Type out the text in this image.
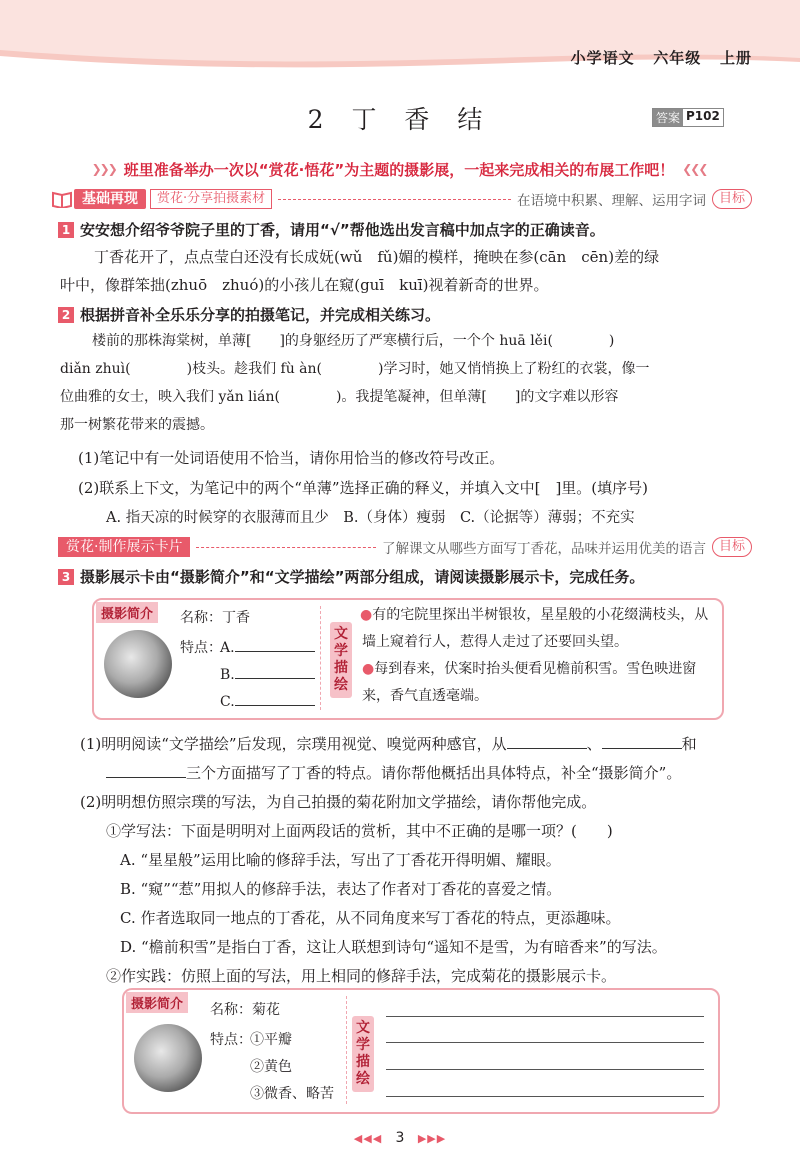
小学语文 六年级 上册
2 丁 香 结	答案 P102
❯❯❯ 班里准备举办一次以“赏花·悟花”为主题的摄影展，一起来完成相关的布展工作吧！ ❮❮❮
基础再现	赏花·分享拍摄素材	在语境中积累、理解、运用字词	目标
1 安安想介绍爷爷院子里的丁香，请用“√”帮他选出发言稿中加点字的正确读音。
丁香花开了，点点莹白还没有长成妩(wǔ　fǔ)媚的模样，掩映在参(cān　cēn)差的绿
叶中，像群笨拙(zhuō　zhuó)的小孩儿在窥(guī　kuī)视着新奇的世界。
2 根据拼音补全乐乐分享的拍摄笔记，并完成相关练习。
楼前的那株海棠树，单薄[　　]的身躯经历了严寒横行后，一个个 huā lěi(　　　　)
diǎn zhuì(　　　　)枝头。趁我们 fù àn(　　　　)学习时，她又悄悄换上了粉红的衣裳，像一
位曲雅的女士，映入我们 yǎn lián(　　　　)。我提笔凝神，但单薄[　　]的文字难以形容
那一树繁花带来的震撼。
(1)笔记中有一处词语使用不恰当，请你用恰当的修改符号改正。
(2)联系上下文，为笔记中的两个“单薄”选择正确的释义，并填入文中[　]里。(填序号)
A. 指天凉的时候穿的衣服薄而且少　B.（身体）瘦弱　C.（论据等）薄弱；不充实
赏花·制作展示卡片	了解课文从哪些方面写丁香花，品味并运用优美的语言	目标
3 摄影展示卡由“摄影简介”和“文学描绘”两部分组成，请阅读摄影展示卡，完成任务。
摄影简介	名称：丁香
特点：
A.
B.
C.
文学描绘
●有的宅院里探出半树银妆，星星般的小花缀满枝头，从墙上窥着行人，惹得人走过了还要回头望。
●每到春来，伏案时抬头便看见檐前积雪。雪色映进窗来，香气直透毫端。
(1)明明阅读“文学描绘”后发现，宗璞用视觉、嗅觉两种感官，从	、	和
三个方面描写了丁香的特点。请你帮他概括出具体特点，补全“摄影简介”。
(2)明明想仿照宗璞的写法，为自己拍摄的菊花附加文学描绘，请你帮他完成。
①学写法：下面是明明对上面两段话的赏析，其中不正确的是哪一项？(　　)
A. “星星般”运用比喻的修辞手法，写出了丁香花开得明媚、耀眼。
B. “窥”“惹”用拟人的修辞手法，表达了作者对丁香花的喜爱之情。
C. 作者选取同一地点的丁香花，从不同角度来写丁香花的特点，更添趣味。
D. “檐前积雪”是指白丁香，这让人联想到诗句“遥知不是雪，为有暗香来”的写法。
②作实践：仿照上面的写法，用上相同的修辞手法，完成菊花的摄影展示卡。
摄影简介	名称：菊花
特点：
①平瓣
②黄色
③微香、略苦
文学描绘
◀◀◀ 3 ▶▶▶
